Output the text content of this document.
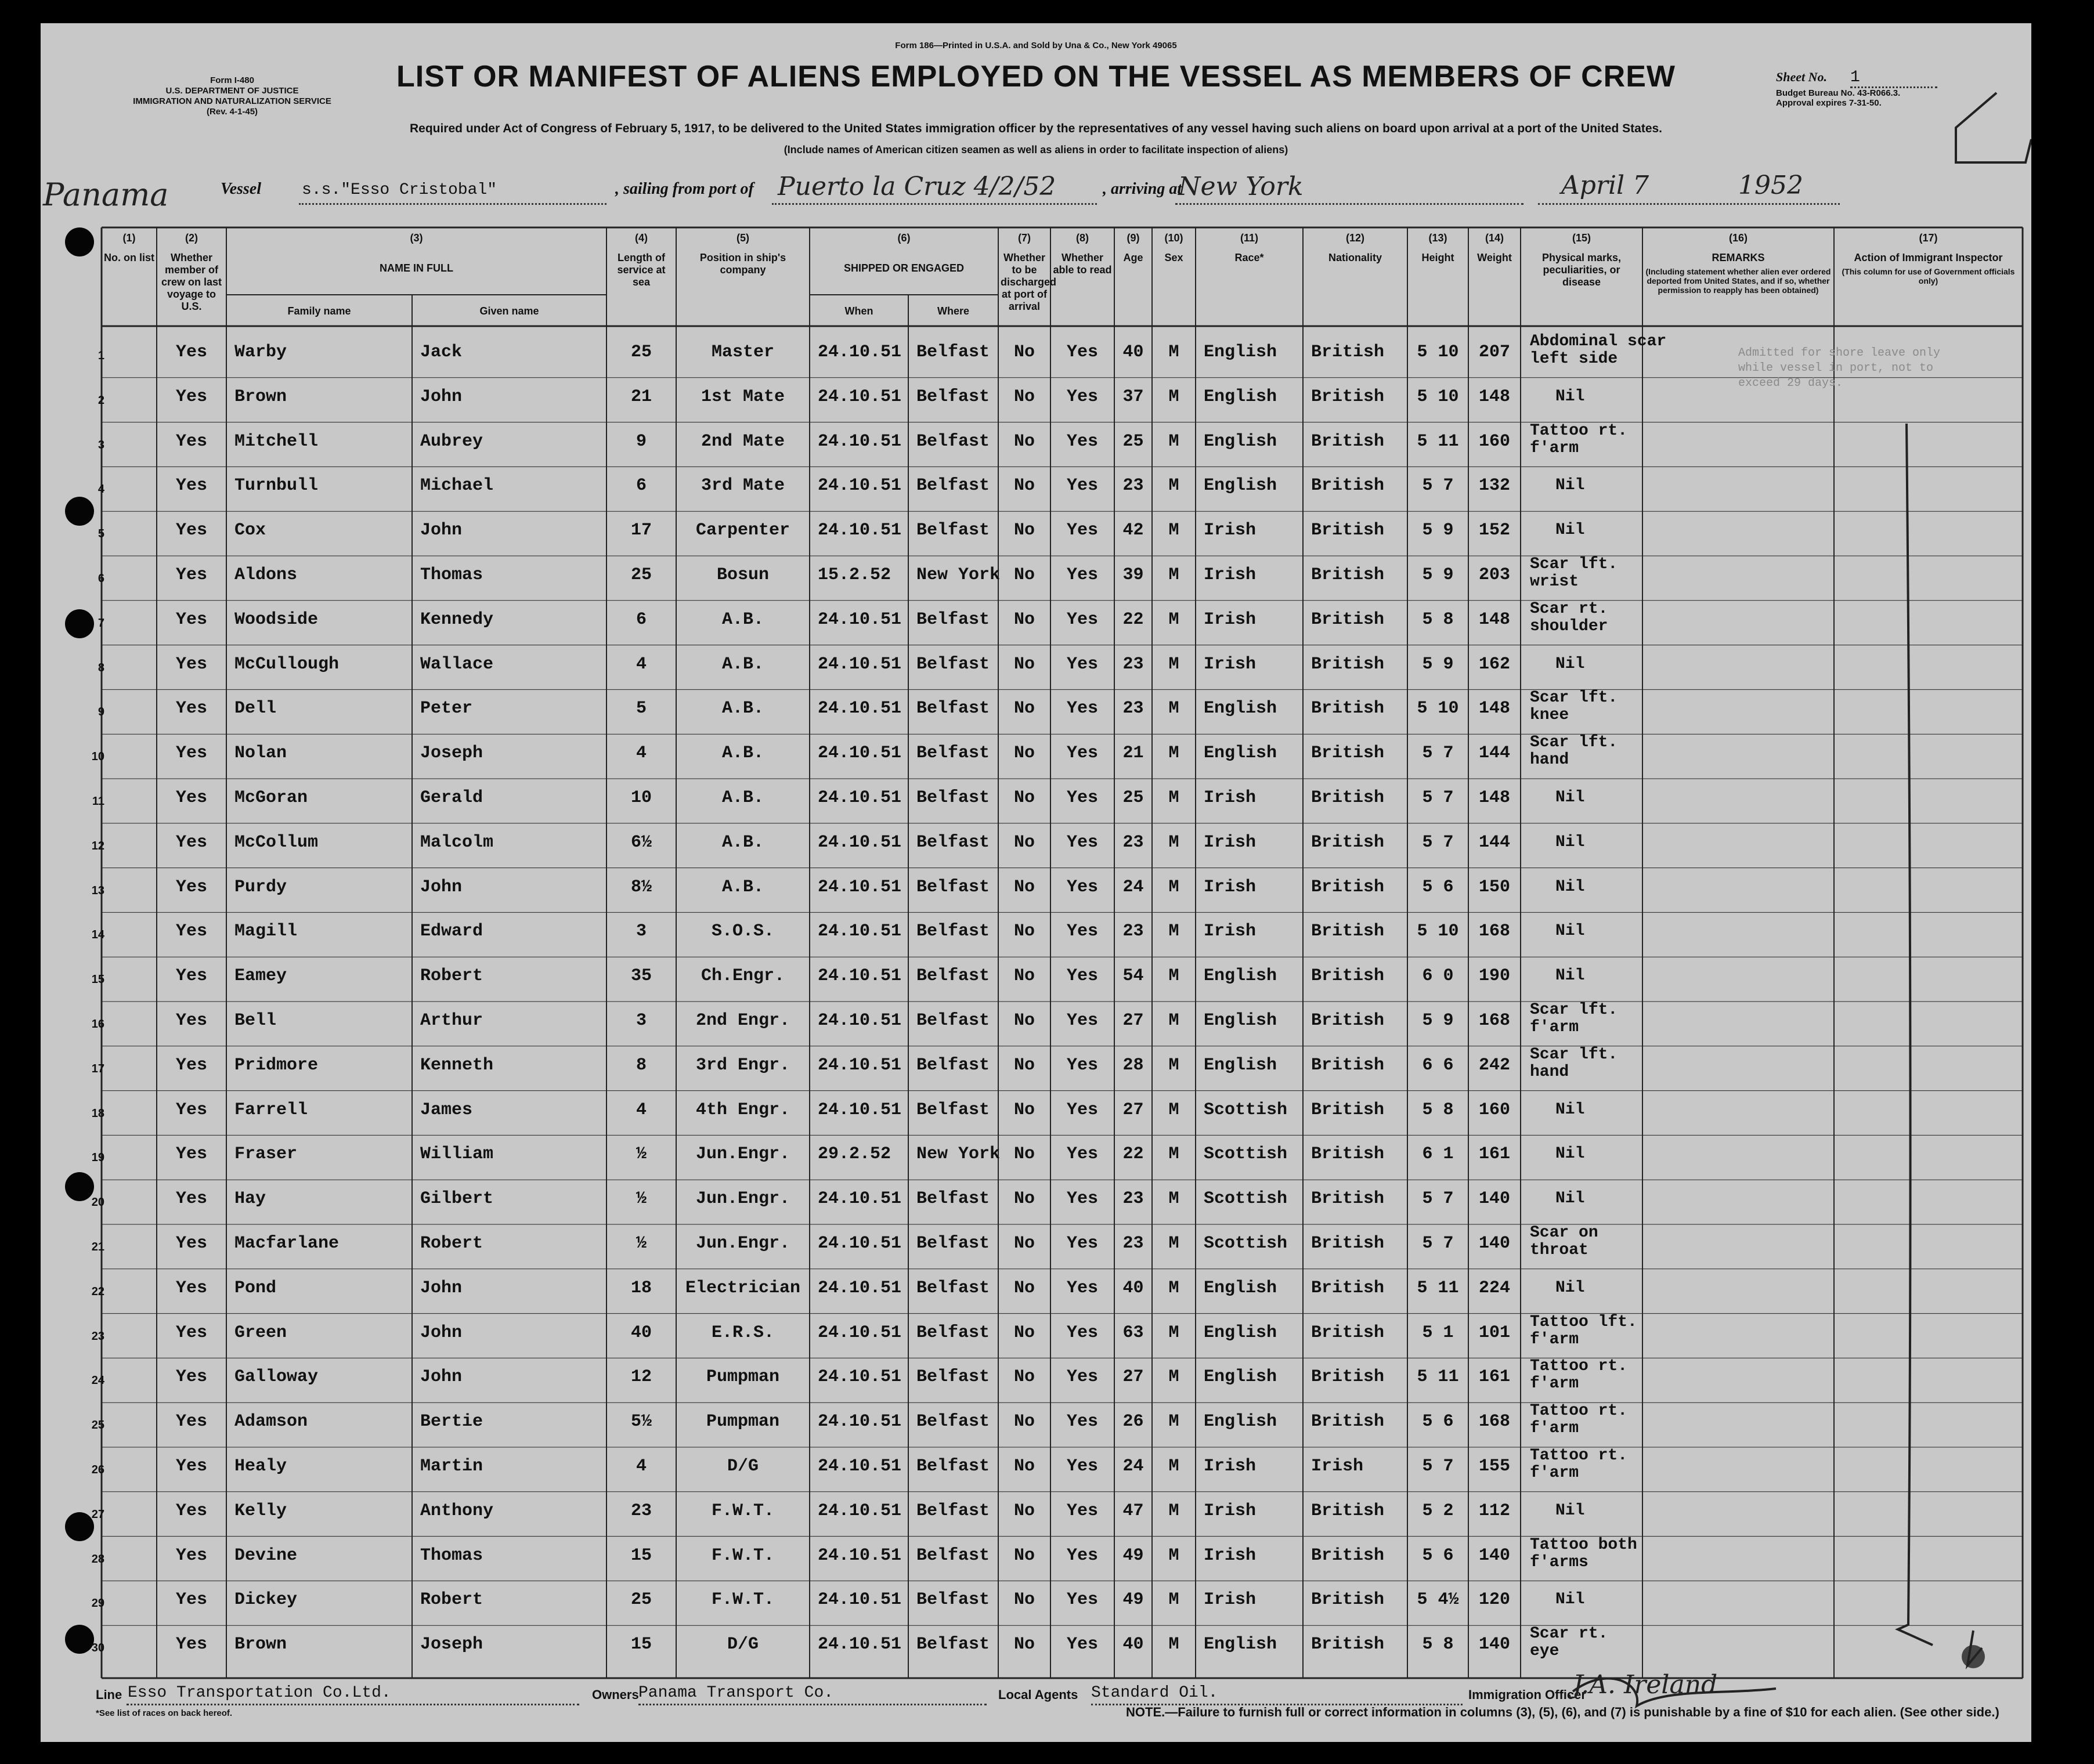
Form 186—Printed in U.S.A. and Sold by Una & Co., New York 49065
Form I-480
U.S. DEPARTMENT OF JUSTICE
IMMIGRATION AND NATURALIZATION SERVICE
(Rev. 4-1-45)
LIST OR MANIFEST OF ALIENS EMPLOYED ON THE VESSEL AS MEMBERS OF CREW	Sheet No. 1
Budget Bureau No. 43-R066.3.
Approval expires 7-31-50.
Required under Act of Congress of February 5, 1917, to be delivered to the United States immigration officer by the representatives of any vessel having such aliens on board upon arrival at a port of the United States.
(Include names of American citizen seamen as well as aliens in order to facilitate inspection of aliens)
Panama	Vessel	s.s."Esso Cristobal"	, sailing from port of Puerto la Cruz 4/2/52	, arriving at
New York	April 7	1952
(1)
No. on list
(2)
Whether member of crew on last voyage to U.S.
(3)
NAME IN FULL
Family name	Given name
(4)
Length of service at sea
(5)
Position in ship's company
(6)
SHIPPED OR ENGAGED
When	Where
(7)
Whether to be discharged at port of arrival
(8)
Whether able to read
(9)
Age
(10)
Sex
(11)
Race*
(12)
Nationality
(13)
Height
(14)
Weight
(15)
Physical marks, peculiarities, or disease
(16)
REMARKS
(Including statement whether alien ever ordered deported from United States, and if so, whether permission to reapply has been obtained)
(17)
Action of Immigrant Inspector
(This column for use of Government officials only)
1	Yes	Warby	Jack	25	Master	24.10.51 Belfast	No	Yes	40	M	English	British	5 10	207
Abdominal scar
left side
2	Yes	Brown	John	21	1st Mate	24.10.51 Belfast	No	Yes	37	M	English	British	5 10	148	Nil
3	Yes	Mitchell	Aubrey	9	2nd Mate	24.10.51 Belfast	No	Yes	25	M	English	British	5 11	160
Tattoo rt.
f'arm
4	Yes	Turnbull	Michael	6	3rd Mate	24.10.51 Belfast	No	Yes	23	M	English	British	5 7	132	Nil
5	Yes	Cox	John	17	Carpenter	24.10.51 Belfast	No	Yes	42	M	Irish	British	5 9	152	Nil
6	Yes	Aldons	Thomas	25	Bosun	15.2.52	New York No	Yes	39	M	Irish	British	5 9	203
Scar lft.
wrist
7	Yes	Woodside	Kennedy	6	A.B.	24.10.51 Belfast	No	Yes	22	M	Irish	British	5 8	148
Scar rt.
shoulder
8	Yes	McCullough	Wallace	4	A.B.	24.10.51 Belfast	No	Yes	23	M	Irish	British	5 9	162	Nil
9	Yes	Dell	Peter	5	A.B.	24.10.51 Belfast	No	Yes	23	M	English	British	5 10	148
Scar lft.
knee
10	Yes	Nolan	Joseph	4	A.B.	24.10.51 Belfast	No	Yes	21	M	English	British	5 7	144
Scar lft.
hand
11	Yes	McGoran	Gerald	10	A.B.	24.10.51 Belfast	No	Yes	25	M	Irish	British	5 7	148	Nil
12	Yes	McCollum	Malcolm	6½	A.B.	24.10.51 Belfast	No	Yes	23	M	Irish	British	5 7	144	Nil
13	Yes	Purdy	John	8½	A.B.	24.10.51 Belfast	No	Yes	24	M	Irish	British	5 6	150	Nil
14	Yes	Magill	Edward	3	S.O.S.	24.10.51 Belfast	No	Yes	23	M	Irish	British	5 10	168	Nil
15	Yes	Eamey	Robert	35	Ch.Engr.	24.10.51 Belfast	No	Yes	54	M	English	British	6 0	190	Nil
16	Yes	Bell	Arthur	3	2nd Engr.	24.10.51 Belfast	No	Yes	27	M	English	British	5 9	168
Scar lft.
f'arm
17	Yes	Pridmore	Kenneth	8	3rd Engr.	24.10.51 Belfast	No	Yes	28	M	English	British	6 6	242
Scar lft.
hand
18	Yes	Farrell	James	4	4th Engr.	24.10.51 Belfast	No	Yes	27	M	Scottish	British	5 8	160	Nil
19	Yes	Fraser	William	½	Jun.Engr.	29.2.52	New York No	Yes	22	M	Scottish	British	6 1	161	Nil
20	Yes	Hay	Gilbert	½	Jun.Engr.	24.10.51 Belfast	No	Yes	23	M	Scottish	British	5 7	140	Nil
21	Yes	Macfarlane	Robert	½	Jun.Engr.	24.10.51 Belfast	No	Yes	23	M	Scottish	British	5 7	140
Scar on
throat
22	Yes	Pond	John	18	Electrician 24.10.51 Belfast	No	Yes	40	M	English	British	5 11	224	Nil
23	Yes	Green	John	40	E.R.S.	24.10.51 Belfast	No	Yes	63	M	English	British	5 1	101
Tattoo lft.
f'arm
24	Yes	Galloway	John	12	Pumpman	24.10.51 Belfast	No	Yes	27	M	English	British	5 11	161
Tattoo rt.
f'arm
25	Yes	Adamson	Bertie	5½	Pumpman	24.10.51 Belfast	No	Yes	26	M	English	British	5 6	168
Tattoo rt.
f'arm
26	Yes	Healy	Martin	4	D/G	24.10.51 Belfast	No	Yes	24	M	Irish	Irish	5 7	155
Tattoo rt.
f'arm
27	Yes	Kelly	Anthony	23	F.W.T.	24.10.51 Belfast	No	Yes	47	M	Irish	British	5 2	112	Nil
28	Yes	Devine	Thomas	15	F.W.T.	24.10.51 Belfast	No	Yes	49	M	Irish	British	5 6	140
Tattoo both
f'arms
29	Yes	Dickey	Robert	25	F.W.T.	24.10.51 Belfast	No	Yes	49	M	Irish	British	5 4½	120	Nil
30	Yes	Brown	Joseph	15	D/G	24.10.51 Belfast	No	Yes	40	M	English	British	5 8	140
Scar rt.
eye
Admitted for shore leave only
while vessel in port, not to
exceed 29 days.
Line Esso Transportation Co.Ltd.	Owners Panama Transport Co.	Local Agents Standard Oil.	Immigration Officer
J.A. Ireland
*See list of races on back hereof.	NOTE.—Failure to furnish full or correct information in columns (3), (5), (6), and (7) is punishable by a fine of $10 for each alien. (See other side.)
